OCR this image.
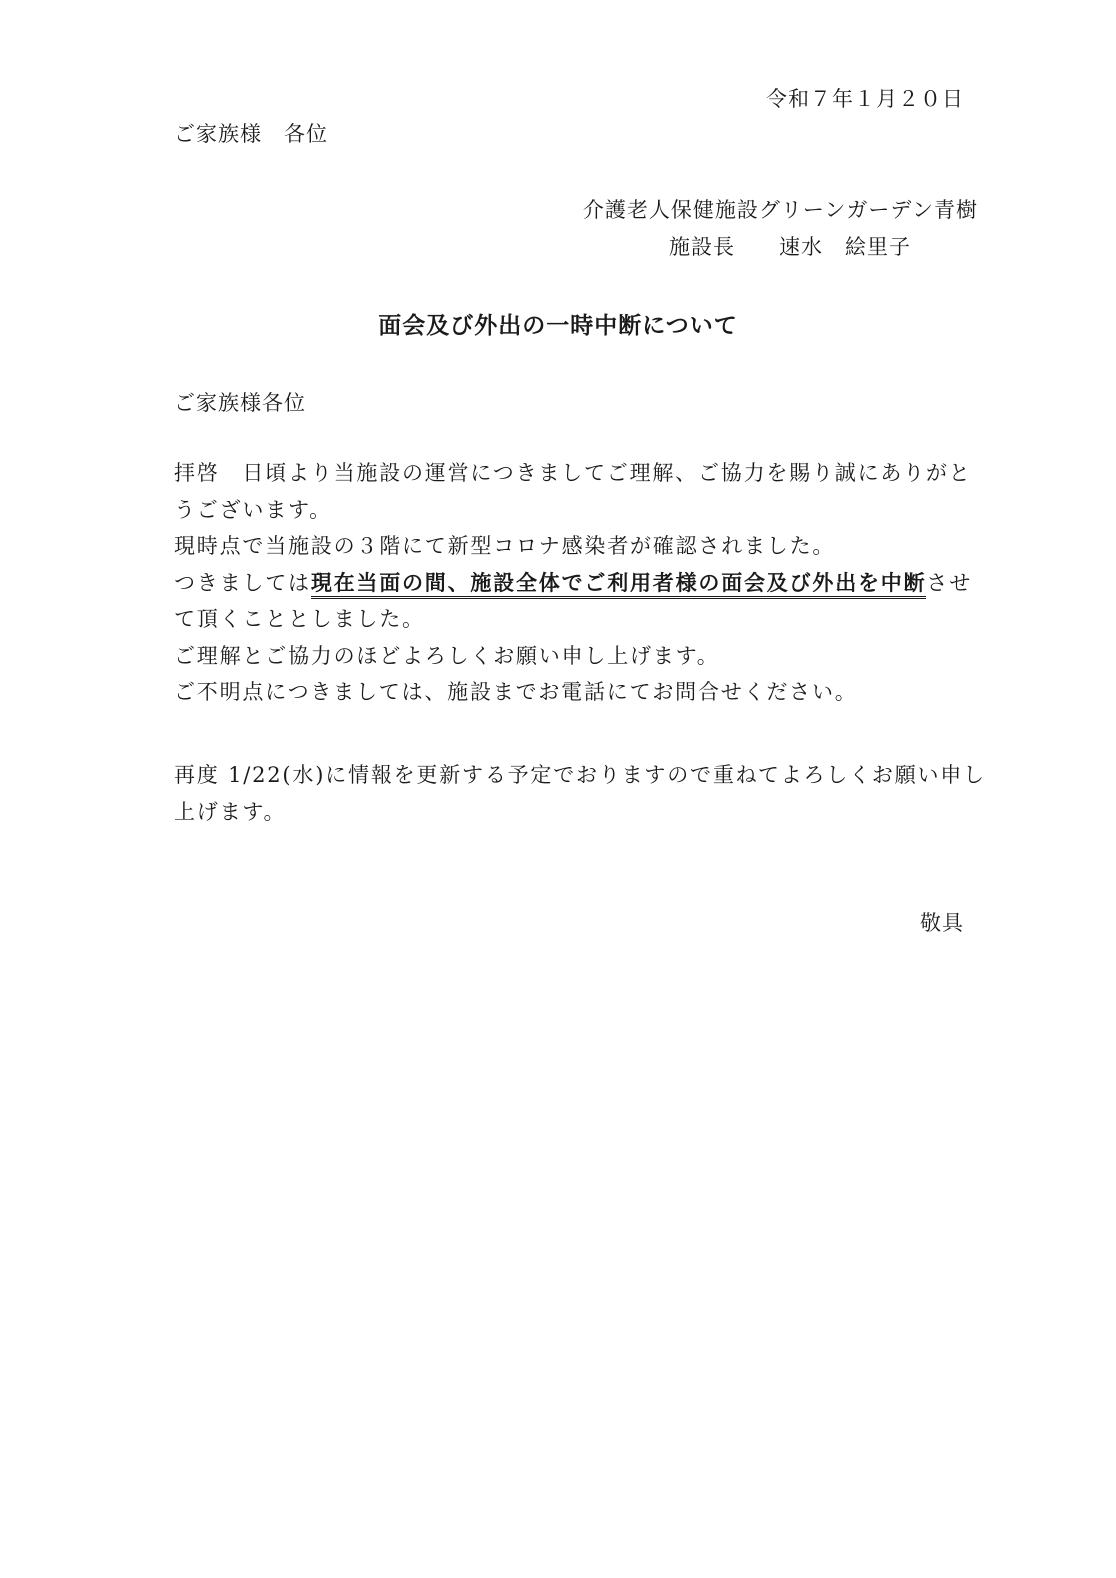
令和７年１月２０日
ご家族様　各位
介護老人保健施設グリーンガーデン青樹
施設長　　速水　絵里子
面会及び外出の一時中断について
ご家族様各位

拝啓　日頃より当施設の運営につきましてご理解、ご協力を賜り誠にありがと

うございます。

現時点で当施設の３階にて新型コロナ感染者が確認されました。

つきましては現在当面の間、施設全体でご利用者様の面会及び外出を中断させ

て頂くこととしました。

ご理解とご協力のほどよろしくお願い申し上げます。

ご不明点につきましては、施設までお電話にてお問合せください。

再度 1/22(水)に情報を更新する予定でおりますので重ねてよろしくお願い申し

上げます。

敬具
